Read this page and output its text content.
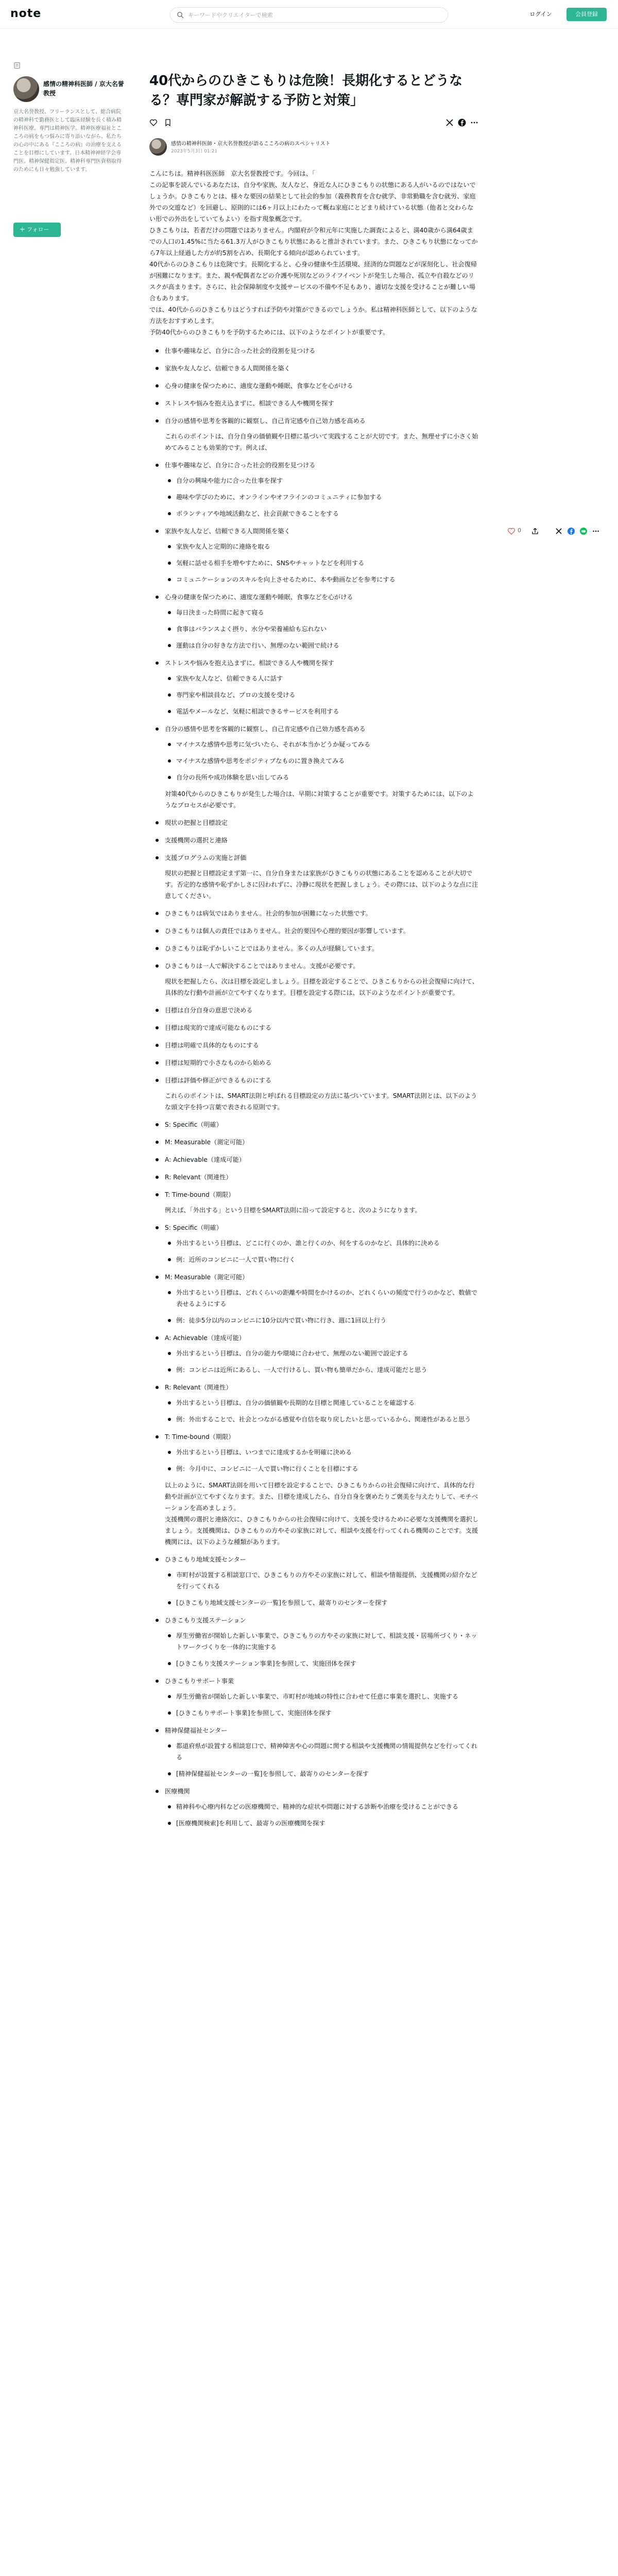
note
キーワードやクリエイターで検索	ログイン	会員登録
感情の精神科医師 / 京大名誉教授
京大名誉教授、フリーランスとして、総合病院の精神科で勤務医として臨床経験を長く積み精神科医療。専門は精神医学。精神医療福祉とこころの病をもつ悩みに寄り添いながら、私たちの心の中にある『こころの病』の治療を支えることを目標にしています。日本精神神経学会専門医。精神保健指定医。精神科専門医資格取得のためにも日々勉強しています。
+ フォロー
40代からのひきこもりは危険！長期化するとどうなる？専門家が解説する予防と対策」
感情の精神科医師・京大名誉教授が語るこころの病のスペシャリスト
2023年5月3日 01:21

こんにちは。精神科医医師　京大名誉教授です。今回は、「

この記事を読んでいるあなたは、自分や家族、友人など、身近な人にひきこもりの状態にある人がいるのではないでしょうか。ひきこもりとは、様々な要因の結果として社会的参加（義務教育を含む就学、非常勤職を含む就労、家庭外での交遊など）を回避し、原則的には6ヶ月以上にわたって概ね家庭にとどまり続けている状態（他者と交わらない形での外出をしていてもよい）を指す現象概念です。

ひきこもりは、若者だけの問題ではありません。内閣府が令和元年に実施した調査によると、満40歳から満64歳までの人口の1.45%に当たる61.3万人がひきこもり状態にあると推計されています。また、ひきこもり状態になってから7年以上経過した方が約5割を占め、長期化する傾向が認められています。

40代からのひきこもりは危険です。長期化すると、心身の健康や生活環境、経済的な問題などが深刻化し、社会復帰が困難になります。また、親や配偶者などの介護や死別などのライフイベントが発生した場合、孤立や自殺などのリスクが高まります。さらに、社会保障制度や支援サービスの不備や不足もあり、適切な支援を受けることが難しい場合もあります。

では、40代からのひきこもりはどうすれば予防や対策ができるのでしょうか。私は精神科医師として、以下のような方法をおすすめします。

予防40代からのひきこもりを予防するためには、以下のようなポイントが重要です。

仕事や趣味など、自分に合った社会的役割を見つける
家族や友人など、信頼できる人間関係を築く
心身の健康を保つために、適度な運動や睡眠、食事などを心がける
ストレスや悩みを抱え込まずに、相談できる人や機関を探す
自分の感情や思考を客観的に観察し、自己肯定感や自己効力感を高める
これらのポイントは、自分自身の価値観や目標に基づいて実践することが大切です。また、無理せずに小さく始めてみることも効果的です。例えば、
仕事や趣味など、自分に合った社会的役割を見つける
自分の興味や能力に合った仕事を探す
趣味や学びのために、オンラインやオフラインのコミュニティに参加する
ボランティアや地域活動など、社会貢献できることをする
家族や友人など、信頼できる人間関係を築く
家族や友人と定期的に連絡を取る
気軽に話せる相手を増やすために、SNSやチャットなどを利用する
コミュニケーションのスキルを向上させるために、本や動画などを参考にする
心身の健康を保つために、適度な運動や睡眠、食事などを心がける
毎日決まった時間に起きて寝る
食事はバランスよく摂り、水分や栄養補給も忘れない
運動は自分の好きな方法で行い、無理のない範囲で続ける
ストレスや悩みを抱え込まずに、相談できる人や機関を探す
家族や友人など、信頼できる人に話す
専門家や相談員など、プロの支援を受ける
電話やメールなど、気軽に相談できるサービスを利用する
自分の感情や思考を客観的に観察し、自己肯定感や自己効力感を高める
マイナスな感情や思考に気づいたら、それが本当かどうか疑ってみる
マイナスな感情や思考をポジティブなものに置き換えてみる
自分の長所や成功体験を思い出してみる
対策40代からのひきこもりが発生した場合は、早期に対策することが重要です。対策するためには、以下のようなプロセスが必要です。
現状の把握と目標設定
支援機関の選択と連絡
支援プログラムの実施と評価
現状の把握と目標設定まず第一に、自分自身または家族がひきこもりの状態にあることを認めることが大切です。否定的な感情や恥ずかしさに囚われずに、冷静に現状を把握しましょう。その際には、以下のような点に注意してください。
ひきこもりは病気ではありません。社会的参加が困難になった状態です。
ひきこもりは個人の責任ではありません。社会的要因や心理的要因が影響しています。
ひきこもりは恥ずかしいことではありません。多くの人が経験しています。
ひきこもりは一人で解決することではありません。支援が必要です。
現状を把握したら、次は目標を設定しましょう。目標を設定することで、ひきこもりからの社会復帰に向けて、具体的な行動や計画が立てやすくなります。目標を設定する際には、以下のようなポイントが重要です。
目標は自分自身の意思で決める
目標は現実的で達成可能なものにする
目標は明確で具体的なものにする
目標は短期的で小さなものから始める
目標は評価や修正ができるものにする
これらのポイントは、SMART法則と呼ばれる目標設定の方法に基づいています。SMART法則とは、以下のような頭文字を持つ言葉で表される原則です。
S: Specific（明確）
M: Measurable（測定可能）
A: Achievable（達成可能）
R: Relevant（関連性）
T: Time-bound（期限）
例えば、「外出する」という目標をSMART法則に沿って設定すると、次のようになります。
S: Specific（明確）
外出するという目標は、どこに行くのか、誰と行くのか、何をするのかなど、具体的に決める
例：近所のコンビニに一人で買い物に行く
M: Measurable（測定可能）
外出するという目標は、どれくらいの距離や時間をかけるのか、どれくらいの頻度で行うのかなど、数値で表せるようにする
例：徒歩5分以内のコンビニに10分以内で買い物に行き、週に1回以上行う
A: Achievable（達成可能）
外出するという目標は、自分の能力や環境に合わせて、無理のない範囲で設定する
例：コンビニは近所にあるし、一人で行けるし、買い物も簡単だから、達成可能だと思う
R: Relevant（関連性）
外出するという目標は、自分の価値観や長期的な目標と関連していることを確認する
例：外出することで、社会とつながる感覚や自信を取り戻したいと思っているから、関連性があると思う
T: Time-bound（期限）
外出するという目標は、いつまでに達成するかを明確に決める
例：今月中に、コンビニに一人で買い物に行くことを目標にする
以上のように、SMART法則を用いて目標を設定することで、ひきこもりからの社会復帰に向けて、具体的な行動や計画が立てやすくなります。また、目標を達成したら、自分自身を褒めたりご褒美を与えたりして、モチベーションを高めましょう。
支援機関の選択と連絡次に、ひきこもりからの社会復帰に向けて、支援を受けるために必要な支援機関を選択しましょう。支援機関は、ひきこもりの方やその家族に対して、相談や支援を行ってくれる機関のことです。支援機関には、以下のような種類があります。
ひきこもり地域支援センター
市町村が設置する相談窓口で、ひきこもりの方やその家族に対して、相談や情報提供、支援機関の紹介などを行ってくれる
[ひきこもり地域支援センターの一覧]を参照して、最寄りのセンターを探す
ひきこもり支援ステーション
厚生労働省が開始した新しい事業で、ひきこもりの方やその家族に対して、相談支援・居場所づくり・ネットワークづくりを一体的に実施する
[ひきこもり支援ステーション事業]を参照して、実施団体を探す
ひきこもりサポート事業
厚生労働省が開始した新しい事業で、市町村が地域の特性に合わせて任意に事業を選択し、実施する
[ひきこもりサポート事業]を参照して、実施団体を探す
精神保健福祉センター
都道府県が設置する相談窓口で、精神障害や心の問題に関する相談や支援機関の情報提供などを行ってくれる
[精神保健福祉センターの一覧]を参照して、最寄りのセンターを探す
医療機関
精神科や心療内科などの医療機関で、精神的な症状や問題に対する診断や治療を受けることができる
[医療機関検索]を利用して、最寄りの医療機関を探す
0
